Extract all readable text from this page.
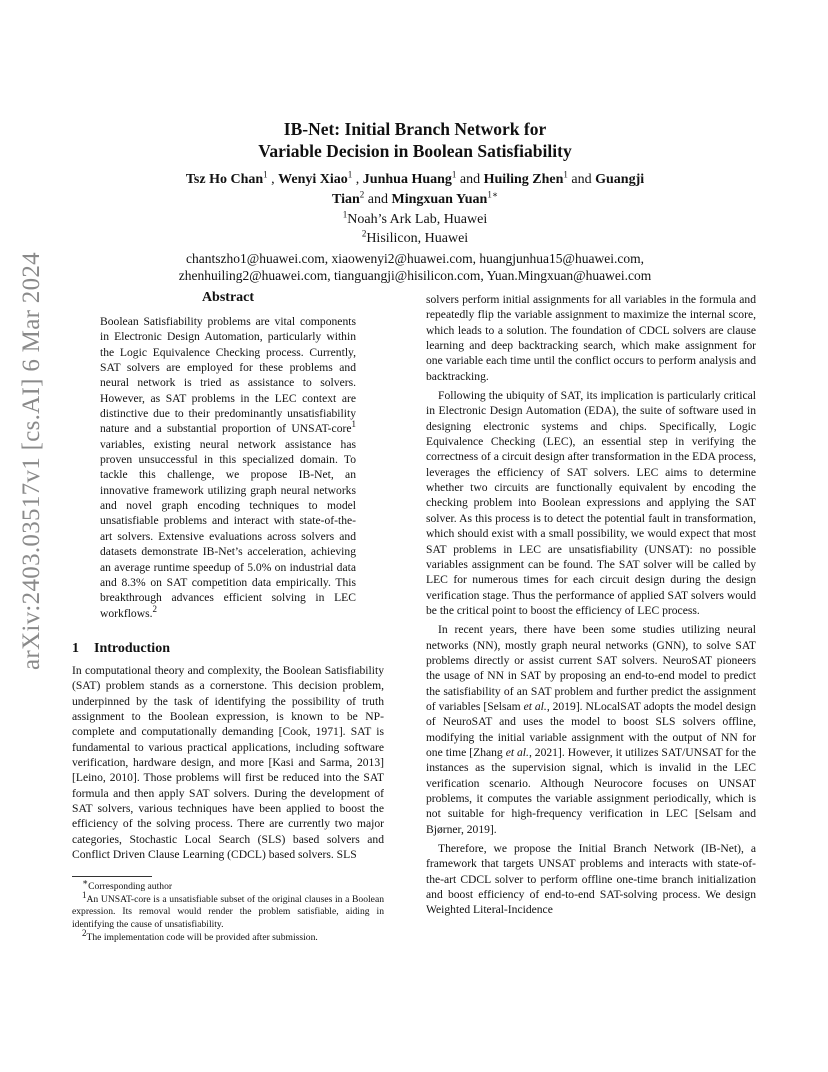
arXiv:2403.03517v1 [cs.AI] 6 Mar 2024
IB-Net: Initial Branch Network for
Variable Decision in Boolean Satisfiability
Tsz Ho Chan$^1$ , Wenyi Xiao$^1$ , Junhua Huang$^1$ and Huiling Zhen$^1$ and Guangji
Tian$^2$ and Mingxuan Yuan$^{1∗}$
$^1$Noah’s Ark Lab, Huawei
$^2$Hisilicon, Huawei
chantszho1@huawei.com, xiaowenyi2@huawei.com, huangjunhua15@huawei.com,
zhenhuiling2@huawei.com, tianguangji@hisilicon.com, Yuan.Mingxuan@huawei.com
Abstract

Boolean Satisfiability problems are vital components in Electronic Design Automation, particularly within the Logic Equivalence Checking process. Currently, SAT solvers are employed for these problems and neural network is tried as assistance to solvers. However, as SAT problems in the LEC context are distinctive due to their predominantly unsatisfiability nature and a substantial proportion of UNSAT-core$^1$ variables, existing neural network assistance has proven unsuccessful in this specialized domain. To tackle this challenge, we propose IB-Net, an innovative framework utilizing graph neural networks and novel graph encoding techniques to model unsatisfiable problems and interact with state-of-the-art solvers. Extensive evaluations across solvers and datasets demonstrate IB-Net’s acceleration, achieving an average runtime speedup of 5.0% on industrial data and 8.3% on SAT competition data empirically. This breakthrough advances efficient solving in LEC workflows.$^2$

1 Introduction

In computational theory and complexity, the Boolean Satisfiability (SAT) problem stands as a cornerstone. This decision problem, underpinned by the task of identifying the possibility of truth assignment to the Boolean expression, is known to be NP-complete and computationally demanding [Cook, 1971]. SAT is fundamental to various practical applications, including software verification, hardware design, and more [Kasi and Sarma, 2013] [Leino, 2010]. Those problems will first be reduced into the SAT formula and then apply SAT solvers. During the development of SAT solvers, various techniques have been applied to boost the efficiency of the solving process. There are currently two major categories, Stochastic Local Search (SLS) based solvers and Conflict Driven Clause Learning (CDCL) based solvers. SLS

∗Corresponding author

$^1$An UNSAT-core is a unsatisfiable subset of the original clauses in a Boolean expression. Its removal would render the problem satisfiable, aiding in identifying the cause of unsatisfiability.

$^2$The implementation code will be provided after submission.

solvers perform initial assignments for all variables in the formula and repeatedly flip the variable assignment to maximize the internal score, which leads to a solution. The foundation of CDCL solvers are clause learning and deep backtracking search, which make assignment for one variable each time until the conflict occurs to perform analysis and backtracking.

Following the ubiquity of SAT, its implication is particularly critical in Electronic Design Automation (EDA), the suite of software used in designing electronic systems and chips. Specifically, Logic Equivalence Checking (LEC), an essential step in verifying the correctness of a circuit design after transformation in the EDA process, leverages the efficiency of SAT solvers. LEC aims to determine whether two circuits are functionally equivalent by encoding the checking problem into Boolean expressions and applying the SAT solver. As this process is to detect the potential fault in transformation, which should exist with a small possibility, we would expect that most SAT problems in LEC are unsatisfiability (UNSAT): no possible variables assignment can be found. The SAT solver will be called by LEC for numerous times for each circuit design during the design verification stage. Thus the performance of applied SAT solvers would be the critical point to boost the efficiency of LEC process.

In recent years, there have been some studies utilizing neural networks (NN), mostly graph neural networks (GNN), to solve SAT problems directly or assist current SAT solvers. NeuroSAT pioneers the usage of NN in SAT by proposing an end-to-end model to predict the satisfiability of an SAT problem and further predict the assignment of variables [Selsam et al., 2019]. NLocalSAT adopts the model design of NeuroSAT and uses the model to boost SLS solvers offline, modifying the initial variable assignment with the output of NN for one time [Zhang et al., 2021]. However, it utilizes SAT/UNSAT for the instances as the supervision signal, which is invalid in the LEC verification scenario. Although Neurocore focuses on UNSAT problems, it computes the variable assignment periodically, which is not suitable for high-frequency verification in LEC [Selsam and Bjørner, 2019].

Therefore, we propose the Initial Branch Network (IB-Net), a framework that targets UNSAT problems and interacts with state-of-the-art CDCL solver to perform offline one-time branch initialization and boost efficiency of end-to-end SAT-solving process. We design Weighted Literal-Incidence
